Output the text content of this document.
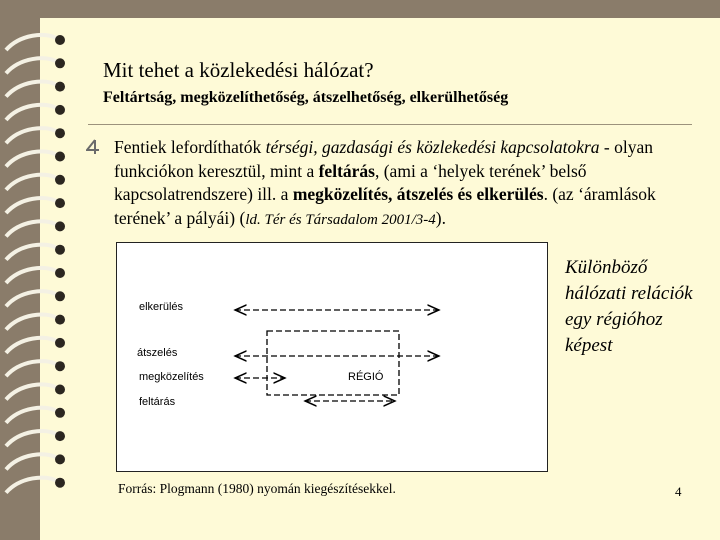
Mit tehet a közlekedési hálózat?
Feltártság, megközelíthetőség, átszelhetőség, elkerülhetőség
Fentiek lefordíthatók térségi, gazdasági és közlekedési kapcsolatokra - olyan funkciókon keresztül, mint a feltárás, (ami a ‘helyek terének’ belső kapcsolatrendszere) ill. a megközelítés, átszelés és elkerülés. (az ‘áramlások terének’ a pályái) (ld. Tér és Társadalom 2001/3-4).
elkerülés
átszelés
megközelítés
feltárás
RÉGIÓ
Különböző hálózati relációk egy régióhoz képest
Forrás: Plogmann (1980) nyomán kiegészítésekkel.	4
